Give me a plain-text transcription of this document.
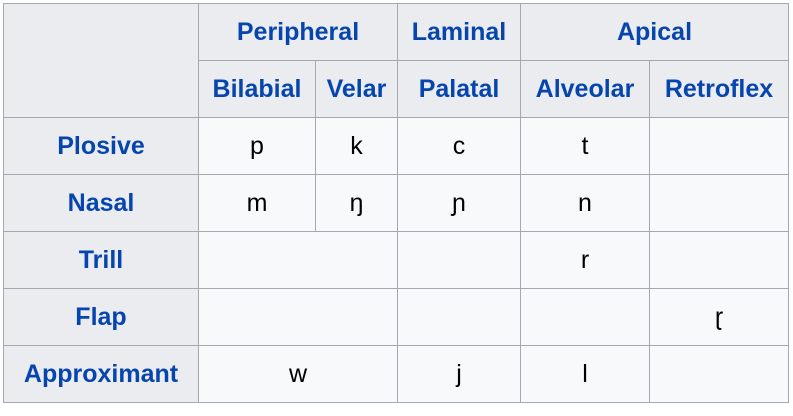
	Peripheral		Laminal	Apical	
	Bilabial	Velar	Palatal	Alveolar	Retroflex
Plosive	p	k	c	t	
Nasal	m	ŋ	ɲ	n	
Trill				r	
Flap					ɽ
Approximant	w		j	l	
